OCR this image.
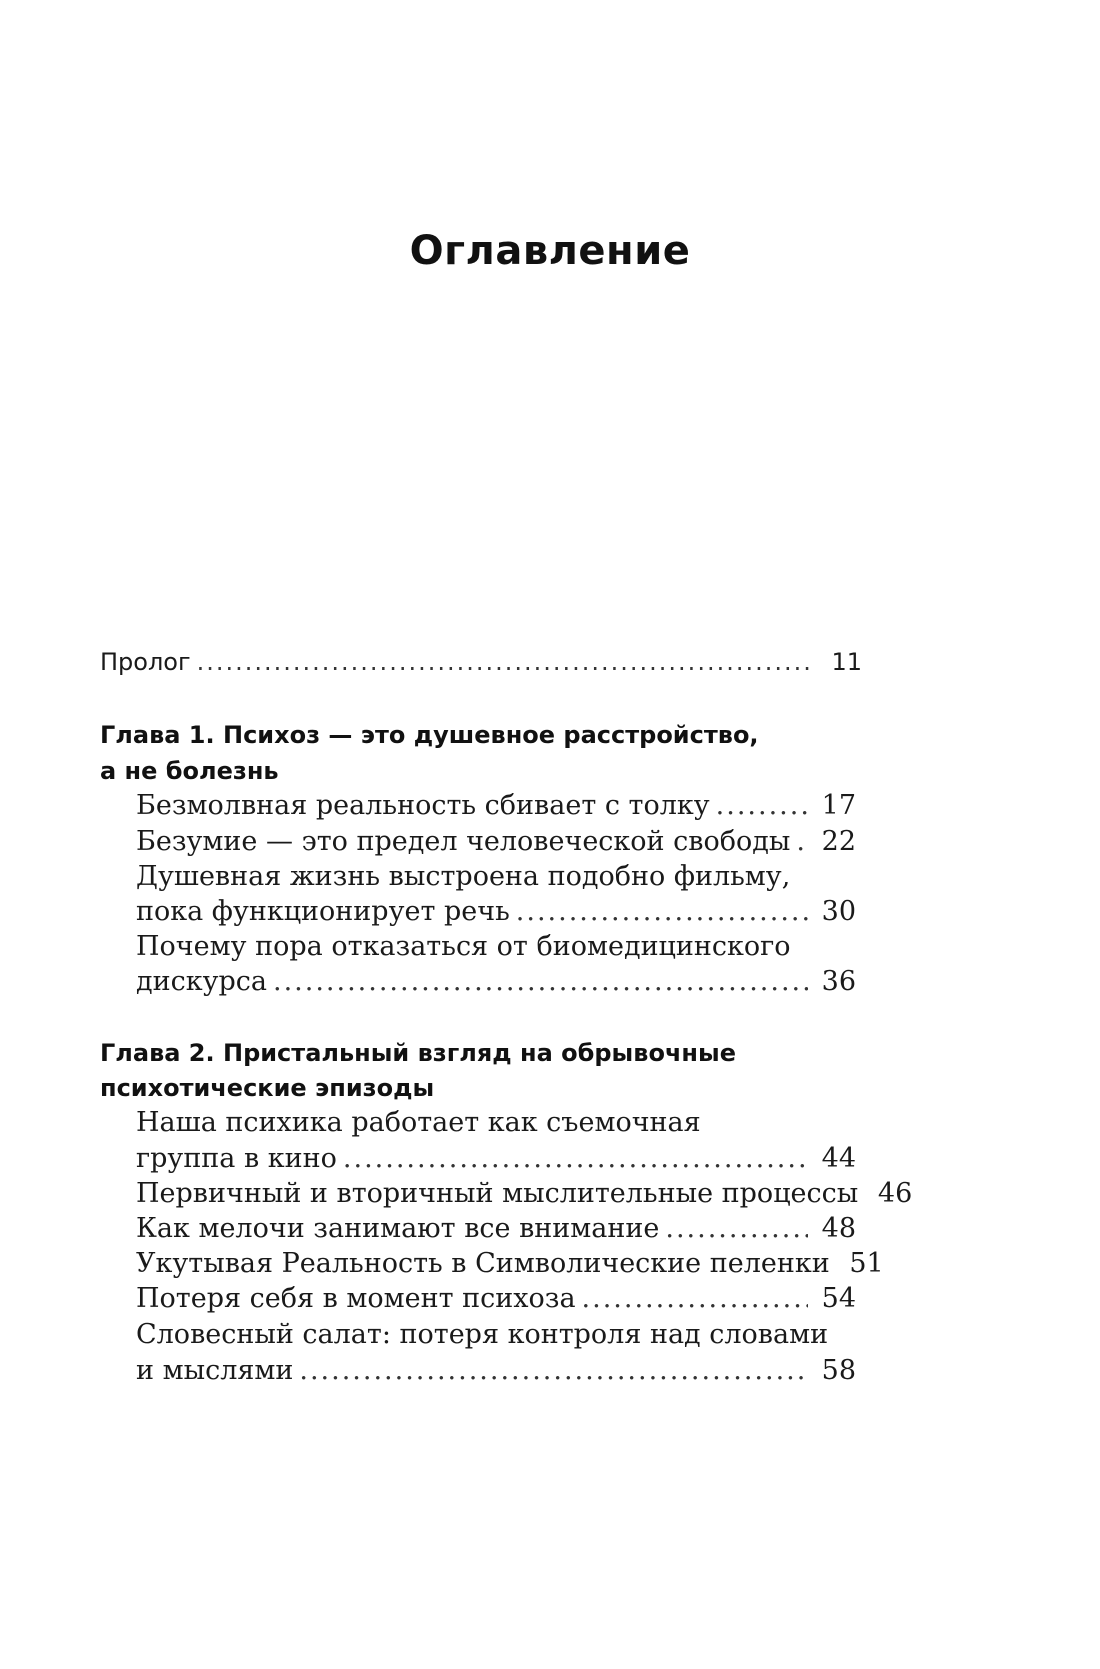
Оглавление
Пролог .....	11
Глава 1. Психоз — это душевное расстройство,
а не болезнь
Безмолвная реальность сбивает с толку .....	17
Безумие — это предел человеческой свободы ..... 22
Душевная жизнь выстроена подобно фильму,
пока функционирует речь .....	30
Почему пора отказаться от биомедицинского
дискурса .....	36
Глава 2. Пристальный взгляд на обрывочные
психотические эпизоды
Наша психика работает как съемочная
группа в кино .....	44
Первичный и вторичный мыслительные процессы 46
Как мелочи занимают все внимание .....	48
Укутывая Реальность в Символические пеленки 51
Потеря себя в момент психоза .....	54
Словесный салат: потеря контроля над словами
и мыслями .....	58
